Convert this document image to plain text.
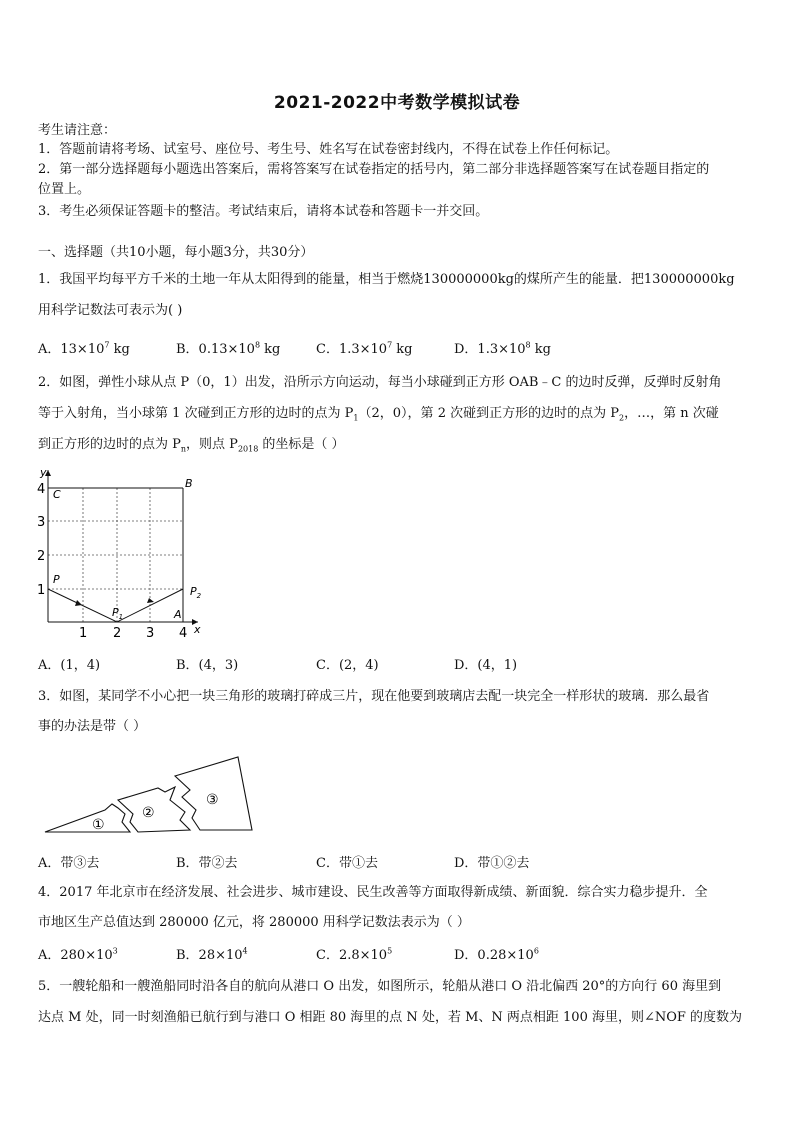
2021-2022中考数学模拟试卷
考生请注意：
1．答题前请将考场、试室号、座位号、考生号、姓名写在试卷密封线内，不得在试卷上作任何标记。
2．第一部分选择题每小题选出答案后，需将答案写在试卷指定的括号内，第二部分非选择题答案写在试卷题目指定的
位置上。
3．考生必须保证答题卡的整洁。考试结束后，请将本试卷和答题卡一并交回。
一、选择题（共10小题，每小题3分，共30分）
1．我国平均每平方千米的土地一年从太阳得到的能量，相当于燃烧130000000kg的煤所产生的能量．把130000000kg
用科学记数法可表示为( )
A．$13\times 10^7$ kg	B．$0.13\times 10^8$ kg	C．$1.3\times 10^7$ kg	D．$1.3\times 10^8$ kg
2．如图，弹性小球从点 P（0，1）出发，沿所示方向运动，每当小球碰到正方形 OAB﹣C 的边时反弹，反弹时反射角
等于入射角，当小球第 1 次碰到正方形的边时的点为 $P_1(2$，0），第 2 次碰到正方形的边时的点为 $P_2$，…，第 n 次碰
到正方形的边时的点为 $P_n$，则点 $P_{2018}$ 的坐标是（ ）
y
x
4
3
2
1
1 2 3 4
C
B
P
$P_1$
$P_2$
A
A．(1，4)	B．(4，3)	C．(2，4)	D．(4，1)
3．如图，某同学不小心把一块三角形的玻璃打碎成三片，现在他要到玻璃店去配一块完全一样形状的玻璃．那么最省
事的办法是带（ ）
①
②
③
A．带③去	B．带②去	C．带①去	D．带①②去
4．2017 年北京市在经济发展、社会进步、城市建设、民生改善等方面取得新成绩、新面貌．综合实力稳步提升．全
市地区生产总值达到 280000 亿元，将 280000 用科学记数法表示为（ ）
A．$280\times 10^3$	B．$28\times 10^4$	C．$2.8\times 10^5$	D．$0.28\times 10^6$
5．一艘轮船和一艘渔船同时沿各自的航向从港口 O 出发，如图所示，轮船从港口 O 沿北偏西 20°的方向行 60 海里到
达点 M 处，同一时刻渔船已航行到与港口 O 相距 80 海里的点 N 处，若 M、N 两点相距 100 海里，则∠NOF 的度数为
